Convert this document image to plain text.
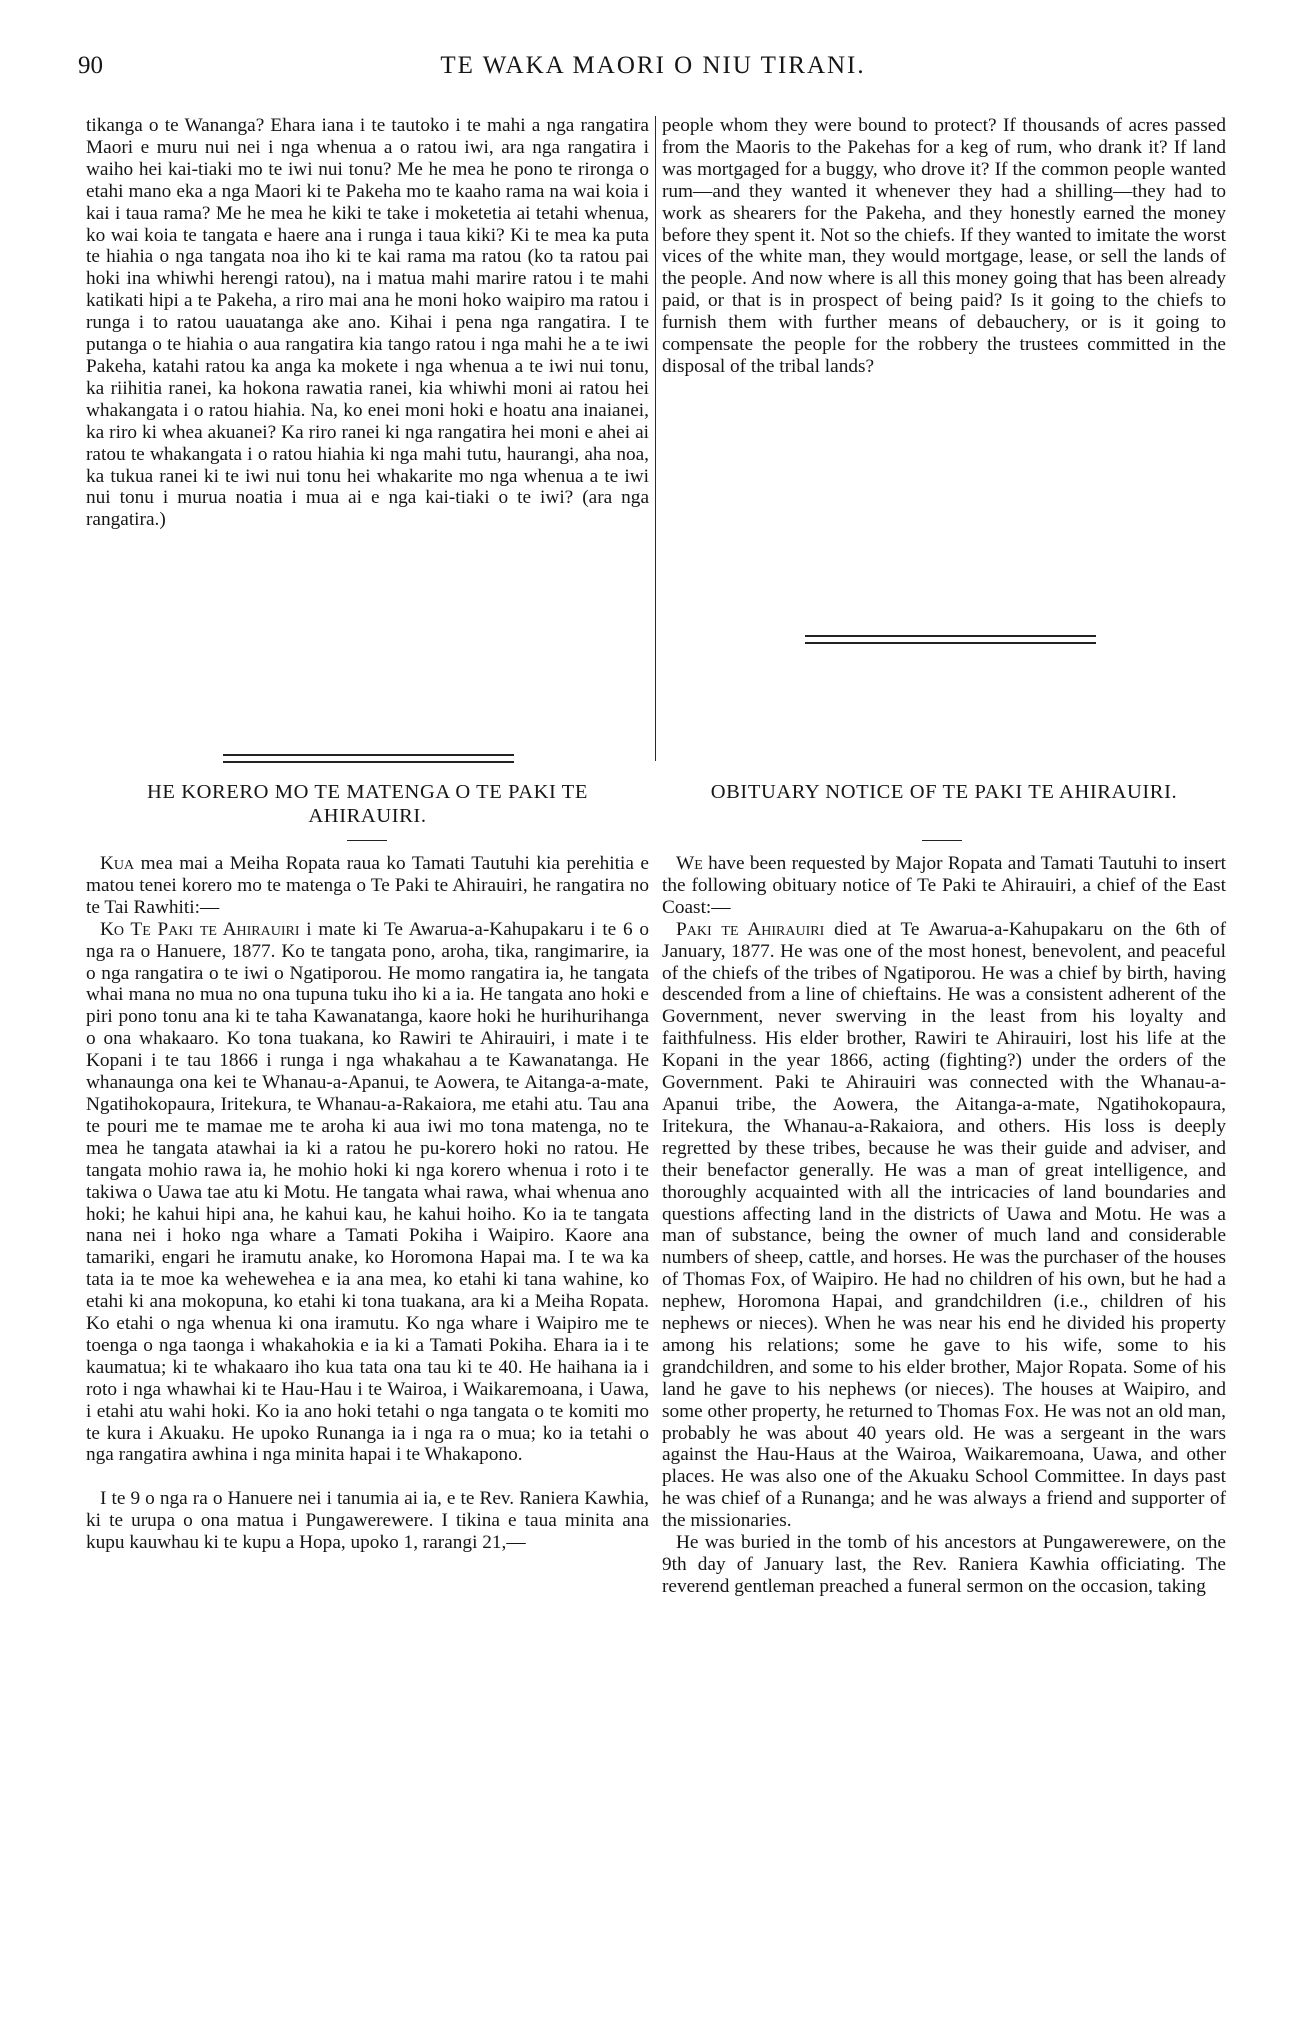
90	TE WAKA MAORI O NIU TIRANI.

tikanga o te Wananga? Ehara iana i te tautoko i te mahi a nga rangatira Maori e muru nui nei i nga whenua a o ratou iwi, ara nga rangatira i waiho hei kai-tiaki mo te iwi nui tonu? Me he mea he pono te rironga o etahi mano eka a nga Maori ki te Pakeha mo te kaaho rama na wai koia i kai i taua rama? Me he mea he kiki te take i moketetia ai tetahi whenua, ko wai koia te tangata e haere ana i runga i taua kiki? Ki te mea ka puta te hiahia o nga tangata noa iho ki te kai rama ma ratou (ko ta ratou pai hoki ina whiwhi herengi ratou), na i matua mahi marire ratou i te mahi katikati hipi a te Pakeha, a riro mai ana he moni hoko waipiro ma ratou i runga i to ratou uauatanga ake ano. Kihai i pena nga rangatira. I te putanga o te hiahia o aua rangatira kia tango ratou i nga mahi he a te iwi Pakeha, katahi ratou ka anga ka mokete i nga whenua a te iwi nui tonu, ka riihitia ranei, ka hokona rawatia ranei, kia whiwhi moni ai ratou hei whakangata i o ratou hiahia. Na, ko enei moni hoki e hoatu ana inaianei, ka riro ki whea akuanei? Ka riro ranei ki nga rangatira hei moni e ahei ai ratou te whakangata i o ratou hiahia ki nga mahi tutu, haurangi, aha noa, ka tukua ranei ki te iwi nui tonu hei whakarite mo nga whenua a te iwi nui tonu i murua noatia i mua ai e nga kai-tiaki o te iwi? (ara nga rangatira.)

people whom they were bound to protect? If thousands of acres passed from the Maoris to the Pakehas for a keg of rum, who drank it? If land was mortgaged for a buggy, who drove it? If the common people wanted rum—and they wanted it whenever they had a shilling—they had to work as shearers for the Pakeha, and they honestly earned the money before they spent it. Not so the chiefs. If they wanted to imitate the worst vices of the white man, they would mortgage, lease, or sell the lands of the people. And now where is all this money going that has been already paid, or that is in prospect of being paid? Is it going to the chiefs to furnish them with further means of debauchery, or is it going to compensate the people for the robbery the trustees committed in the disposal of the tribal lands?

HE KORERO MO TE MATENGA O TE PAKI TE AHIRAUIRI.
OBITUARY NOTICE OF TE PAKI TE AHIRAUIRI.

Kua mea mai a Meiha Ropata raua ko Tamati Tautuhi kia perehitia e matou tenei korero mo te matenga o Te Paki te Ahirauiri, he rangatira no te Tai Rawhiti:—

Ko Te Paki te Ahirauiri i mate ki Te Awarua-a-Kahupakaru i te 6 o nga ra o Hanuere, 1877. Ko te tangata pono, aroha, tika, rangimarire, ia o nga rangatira o te iwi o Ngatiporou. He momo rangatira ia, he tangata whai mana no mua no ona tupuna tuku iho ki a ia. He tangata ano hoki e piri pono tonu ana ki te taha Kawanatanga, kaore hoki he hurihurihanga o ona whakaaro. Ko tona tuakana, ko Rawiri te Ahirauiri, i mate i te Kopani i te tau 1866 i runga i nga whakahau a te Kawanatanga. He whanaunga ona kei te Whanau-a-Apanui, te Aowera, te Aitanga-a-mate, Ngatihokopaura, Iritekura, te Whanau-a-Rakaiora, me etahi atu. Tau ana te pouri me te mamae me te aroha ki aua iwi mo tona matenga, no te mea he tangata atawhai ia ki a ratou he pu-korero hoki no ratou. He tangata mohio rawa ia, he mohio hoki ki nga korero whenua i roto i te takiwa o Uawa tae atu ki Motu. He tangata whai rawa, whai whenua ano hoki; he kahui hipi ana, he kahui kau, he kahui hoiho. Ko ia te tangata nana nei i hoko nga whare a Tamati Pokiha i Waipiro. Kaore ana tamariki, engari he iramutu anake, ko Horomona Hapai ma. I te wa ka tata ia te moe ka wehewehea e ia ana mea, ko etahi ki tana wahine, ko etahi ki ana mokopuna, ko etahi ki tona tuakana, ara ki a Meiha Ropata. Ko etahi o nga whenua ki ona iramutu. Ko nga whare i Waipiro me te toenga o nga taonga i whakahokia e ia ki a Tamati Pokiha. Ehara ia i te kaumatua; ki te whakaaro iho kua tata ona tau ki te 40. He haihana ia i roto i nga whawhai ki te Hau-Hau i te Wairoa, i Waikaremoana, i Uawa, i etahi atu wahi hoki. Ko ia ano hoki tetahi o nga tangata o te komiti mo te kura i Akuaku. He upoko Runanga ia i nga ra o mua; ko ia tetahi o nga rangatira awhina i nga minita hapai i te Whakapono.

I te 9 o nga ra o Hanuere nei i tanumia ai ia, e te Rev. Raniera Kawhia, ki te urupa o ona matua i Pungawerewere. I tikina e taua minita ana kupu kauwhau ki te kupu a Hopa, upoko 1, rarangi 21,—

We have been requested by Major Ropata and Tamati Tautuhi to insert the following obituary notice of Te Paki te Ahirauiri, a chief of the East Coast:—

Paki te Ahirauiri died at Te Awarua-a-Kahupakaru on the 6th of January, 1877. He was one of the most honest, benevolent, and peaceful of the chiefs of the tribes of Ngatiporou. He was a chief by birth, having descended from a line of chieftains. He was a consistent adherent of the Government, never swerving in the least from his loyalty and faithfulness. His elder brother, Rawiri te Ahirauiri, lost his life at the Kopani in the year 1866, acting (fighting?) under the orders of the Government. Paki te Ahirauiri was connected with the Whanau-a-Apanui tribe, the Aowera, the Aitanga-a-mate, Ngatihokopaura, Iritekura, the Whanau-a-Rakaiora, and others. His loss is deeply regretted by these tribes, because he was their guide and adviser, and their benefactor generally. He was a man of great intelligence, and thoroughly acquainted with all the intricacies of land boundaries and questions affecting land in the districts of Uawa and Motu. He was a man of substance, being the owner of much land and considerable numbers of sheep, cattle, and horses. He was the purchaser of the houses of Thomas Fox, of Waipiro. He had no children of his own, but he had a nephew, Horomona Hapai, and grandchildren (i.e., children of his nephews or nieces). When he was near his end he divided his property among his relations; some he gave to his wife, some to his grandchildren, and some to his elder brother, Major Ropata. Some of his land he gave to his nephews (or nieces). The houses at Waipiro, and some other property, he returned to Thomas Fox. He was not an old man, probably he was about 40 years old. He was a sergeant in the wars against the Hau-Haus at the Wairoa, Waikaremoana, Uawa, and other places. He was also one of the Akuaku School Committee. In days past he was chief of a Runanga; and he was always a friend and supporter of the missionaries.

He was buried in the tomb of his ancestors at Pungawerewere, on the 9th day of January last, the Rev. Raniera Kawhia officiating. The reverend gentleman preached a funeral sermon on the occasion, taking
